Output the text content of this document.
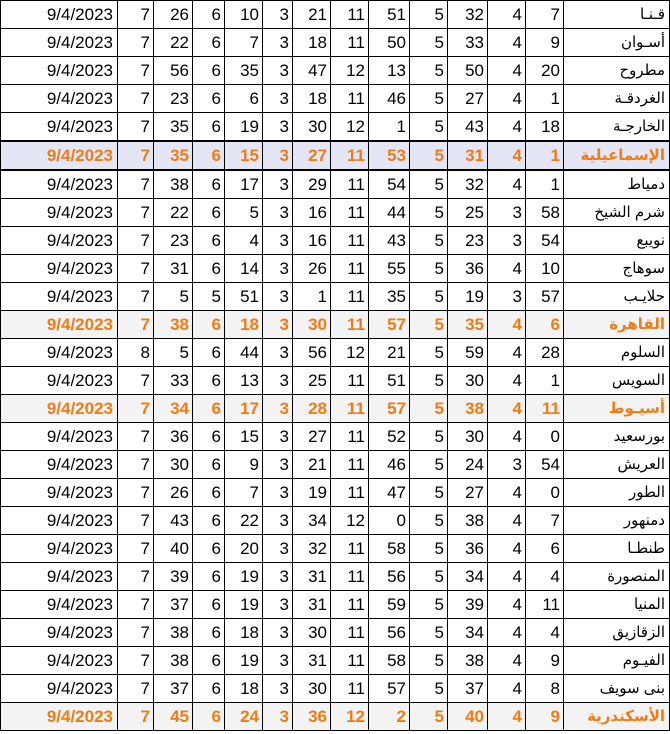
9/4/2023	7	26	6	10	3	21	11	51	5	32	4	7	قـنـا
9/4/2023	7	22	6	7	3	18	11	50	5	33	4	9	أسـوان
9/4/2023	7	56	6	35	3	47	12	13	5	50	4	20	مطروح
9/4/2023	7	23	6	6	3	18	11	46	5	27	4	1	الغردقـة
9/4/2023	7	35	6	19	3	30	12	1	5	43	4	18	الخارجـة
9/4/2023	7	35	6	15	3	27	11	53	5	31	4	1	الإسماعيلية
9/4/2023	7	38	6	17	3	29	11	54	5	32	4	1	دمياط
9/4/2023	7	22	6	5	3	16	11	44	5	25	3	58	شرم الشيخ
9/4/2023	7	23	6	4	3	16	11	43	5	23	3	54	نويبع
9/4/2023	7	31	6	14	3	26	11	55	5	36	4	10	سوهاج
9/4/2023	7	5	5	51	3	1	11	35	5	19	3	57	حلايـب
9/4/2023	7	38	6	18	3	30	11	57	5	35	4	6	القاهرة
9/4/2023	8	5	6	44	3	56	12	21	5	59	4	28	السلوم
9/4/2023	7	33	6	13	3	25	11	51	5	30	4	1	السويس
9/4/2023	7	34	6	17	3	28	11	57	5	38	4	11	أسيـوط
9/4/2023	7	36	6	15	3	27	11	52	5	30	4	0	بورسعيد
9/4/2023	7	30	6	9	3	21	11	46	5	24	3	54	العريش
9/4/2023	7	26	6	7	3	19	11	47	5	27	4	0	الطور
9/4/2023	7	43	6	22	3	34	12	0	5	38	4	7	دمنهور
9/4/2023	7	40	6	20	3	32	11	58	5	36	4	6	طنطـا
9/4/2023	7	39	6	19	3	31	11	56	5	34	4	4	المنصورة
9/4/2023	7	37	6	19	3	31	11	59	5	39	4	11	المنيا
9/4/2023	7	38	6	18	3	30	11	56	5	34	4	4	الزقازيق
9/4/2023	7	38	6	19	3	31	11	58	5	38	4	9	الفيـوم
9/4/2023	7	37	6	18	3	30	11	57	5	37	4	8	بنى سويف
9/4/2023	7	45	6	24	3	36	12	2	5	40	4	9	الأسكندرية
